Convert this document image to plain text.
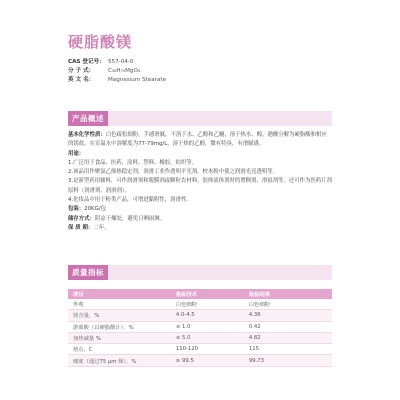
硬脂酸镁
CAS 登记号： 557-04-0
分 子 式：	C₃₆H₇₀MgO₄
英 文 名：	Magnesium Stearate
产品概述

基本化学性质：白色疏松细粉，手感滑腻，不溶于水、乙醇和乙醚，溶于热水、醇，遇酸分解为硬脂酸和相应的镁盐。在室温水中溶解度为77-79mg/L，溶于热的乙醇，微有特臭，有滑腻感。

用途：

1.广泛用于食品、医药、涂料、塑料、橡胶、纺织等。

2.该品用作聚氯乙烯热稳定剂，润滑工业作透明平光剂，校木粉中使之润滑光亮透明等。

3.是新型药用辅料，可作润滑剂和脱膜剂或颗粒农材料，胶体液体剂时的增稠剂，滑悬剂等，还可作为医药片剂原料（润滑剂、润滑剂）。

4.化妆品中用于粉类产品，可增进黏附性，润滑性。

包装：20KG/包

储存方式：阴凉干燥处，避免日晒雨淋。

保 质 期：二年。

质量指标
项目	指标技术	检验结果
外观	白色细粉	白色细粉
镁含量，%	4.0-4.5	4.36
游离酸（以硬脂酸计），%	≤ 1.0	0.42
加热减量 %	≤ 5.0	4.82
熔点，C	110-120	115
细度（通过75 μm 筛），%	≥ 99.5	99.73
